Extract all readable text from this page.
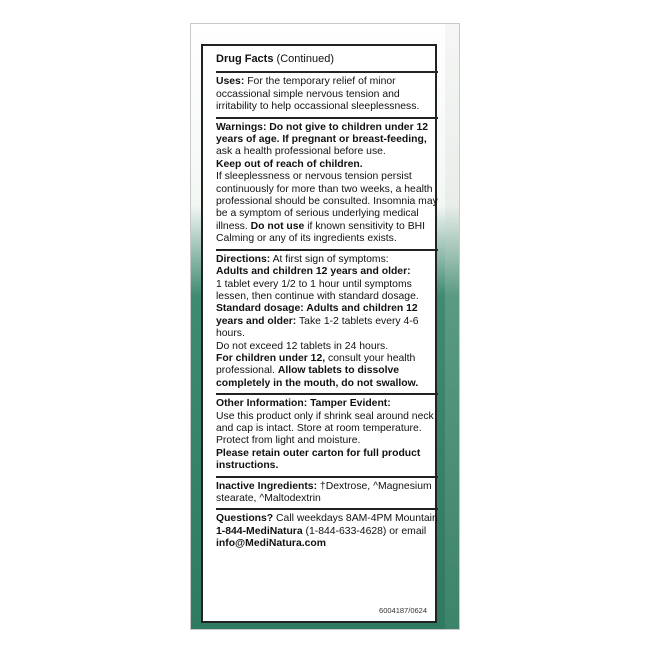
Drug Facts (Continued)
Uses: For the temporary relief of minor occassional simple nervous tension and irritability to help occassional sleeplessness.
Warnings: Do not give to children under 12 years of age. If pregnant or breast-feeding, ask a health professional before use.
Keep out of reach of children.
If sleeplessness or nervous tension persist continuously for more than two weeks, a health professional should be consulted. Insomnia may be a symptom of serious underlying medical illness. Do not use if known sensitivity to BHI Calming or any of its ingredients exists.
Directions: At first sign of symptoms:
Adults and children 12 years and older:
1 tablet every 1/2 to 1 hour until symptoms lessen, then continue with standard dosage.
Standard dosage: Adults and children 12 years and older: Take 1-2 tablets every 4-6 hours.
Do not exceed 12 tablets in 24 hours.
For children under 12, consult your health professional. Allow tablets to dissolve completely in the mouth, do not swallow.
Other Information: Tamper Evident:
Use this product only if shrink seal around neck and cap is intact. Store at room temperature. Protect from light and moisture.
Please retain outer carton for full product instructions.
Inactive Ingredients: †Dextrose, ^Magnesium stearate, ^Maltodextrin
Questions? Call weekdays 8AM-4PM Mountain
1-844-MediNatura (1-844-633-4628) or email info@MediNatura.com
6004187/0624
